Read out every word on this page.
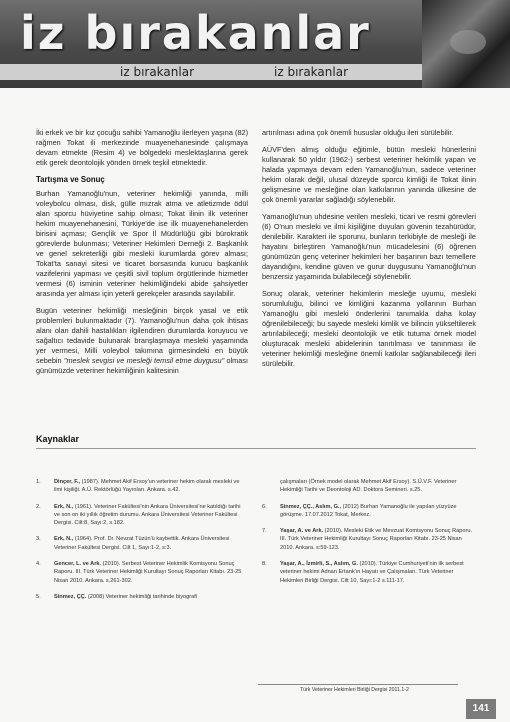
iz bırakanlar
iz bırakanlar	iz bırakanlar

İki erkek ve bir kız çocuğu sahibi Yamanoğlu ilerleyen yaşına (82) rağmen Tokat ili merkezinde muayenehanesinde çalışmaya devam etmekte (Resim 4) ve bölgedeki meslektaşlarına gerek etik gerek deontolojik yönden örnek teşkil etmektedir.

Tartışma ve Sonuç

Burhan Yamanoğlu'nun, veteriner hekimliği yanında, milli voleybolcu olması, disk, gülle mızrak atma ve atletizmde ödül alan sporcu hüviyetine sahip olması; Tokat ilinin ilk veteriner hekim muayenehanesini, Türkiye'de ise ilk muayenehanelerden birisini açması; Gençlik ve Spor İl Müdürlüğü gibi bürokratik görevlerde bulunması; Veteriner Hekimleri Derneği 2. Başkanlık ve genel sekreterliği gibi mesleki kurumlarda görev alması; Tokat'ta sanayi sitesi ve ticaret borsasında kurucu başkanlık vazifelerini yapması ve çeşitli sivil toplum örgütlerinde hizmetler vermesi (6) isminin veteriner hekimliğindeki abide şahsiyetler arasında yer alması için yeterli gerekçeler arasında sayılabilir.

Bugün veteriner hekimliği mesleğinin birçok yasal ve etik problemleri bulunmaktadır (7). Yamanoğlu'nun daha çok ihtisas alanı olan dahili hastalıkları ilgilendiren durumlarda koruyucu ve sağaltıcı tedavide bulunarak branşlaşmaya mesleki yaşamında yer vermesi, Milli voleybol takımına girmesindeki en büyük sebebin "meslek sevgisi ve mesleği temsil etme duygusu" olması günümüzde veteriner hekimliğinin kalitesinin

artırılması adına çok önemli hususlar olduğu ileri sürülebilir.

AÜVF'den almış olduğu eğitimle, bütün mesleki hünerlerini kullanarak 50 yıldır (1962-) serbest veteriner hekimlik yapan ve halada yapmaya devam eden Yamanoğlu'nun, sadece veteriner hekim olarak değil, ulusal düzeyde sporcu kimliği ile Tokat ilinin gelişmesine ve mesleğine olan katkılarının yanında ülkesine de çok önemli yararlar sağladığı söylenebilir.

Yamanoğlu'nun uhdesine verilen mesleki, ticari ve resmi görevleri (6) O'nun mesleki ve ilmi kişiliğine duyulan güvenin tezahürüdür, denilebilir. Karakteri ile sporunu, bunların terkibiyle de mesleği ile hayatını birleştiren Yamanoğlu'nun mücadelesini (6) öğrenen günümüzün genç veteriner hekimleri her başarının bazı temellere dayandığını, kendine güven ve gurur duygusunu Yamanoğlu'nun benzersiz yaşamında bulabileceği söylenebilir.

Sonuç olarak, veteriner hekimlerin mesleğe uyumu, mesleki sorumluluğu, bilinci ve kimliğini kazanma yollarının Burhan Yamanoğlu gibi mesleki önderlerini tanımakla daha kolay öğrenilebileceği; bu sayede mesleki kimlik ve bilincin yükseltilerek artırılabileceği; mesleki deontolojik ve etik tutuma örnek model oluşturacak mesleki abidelerinin tanıtılması ve tanınması ile veteriner hekimliği mesleğine önemli katkılar sağlanabileceği ileri sürülebilir.

Kaynaklar
1. Dinçer, F., (1987). Mehmet Akif Ersoy'un veteriner hekim olarak mesleki ve ilmi kişiliği. A.Ü. Rektörlüğü Yayınları. Ankara. s.42.
2. Erk, N., (1961). Veteriner Fakültesi'nin Ankara Üniversitesi'ne katıldığı tarihi ve son on iki yıllık öğretim durumu. Ankara Üniversitesi Veteriner Fakültesi Dergisi. Cilt:8, Sayı:2, s.182.
3. Erk, N., (1964). Prof. Dr. Nevzat Tüzün'ü kaybettik. Ankara Üniversitesi Veteriner Fakültesi Dergisi. Cilt 1, Sayı:1-2, s:3.
4. Gencer, L. ve Ark. (2010). Serbest Veteriner Hekimlik Komisyonu Sonuç Raporu. III. Türk Veteriner Hekimliği Kurultayı Sonuç Raporları Kitabı. 23-25 Nisan 2010. Ankara. s.261-302.
5. Sinmez, ÇÇ. (2008) Veteriner hekimliği tarihinde biyografi
çalışmaları (Örnek model olarak Mehmet Akif Ersoy). S.Ü.V.F. Veteriner Hekimliği Tarihi ve Deontoloji AD. Doktora Semineri. s.25.
6. Sinmez, ÇÇ., Aslım, G., (2012) Burhan Yamanoğlu ile yapılan yüzyüze görüşme. 17.07.2012 Tokat, Merkez.
7. Yaşar, A. ve Ark. (2010). Mesleki Etik ve Mevzuat Komisyonu Sonuç Raporu. III. Türk Veteriner Hekimliği Kurultayı Sonuç Raporları Kitabı. 23-25 Nisan 2010. Ankara. s:59-123.
8. Yaşar, A., İzmirli, S., Aslım, G. (2010). Türkiye Cumhuriyeti'nin ilk serbest veteriner hekimi Adnan Ertank'ın Hayatı ve Çalışmaları. Türk Veteriner Hekimleri Birliği Dergisi. Cilt 10, Sayı:1-2 s.111-17.
Türk Veteriner Hekimleri Birliği Dergisi 2011.1-2
141
